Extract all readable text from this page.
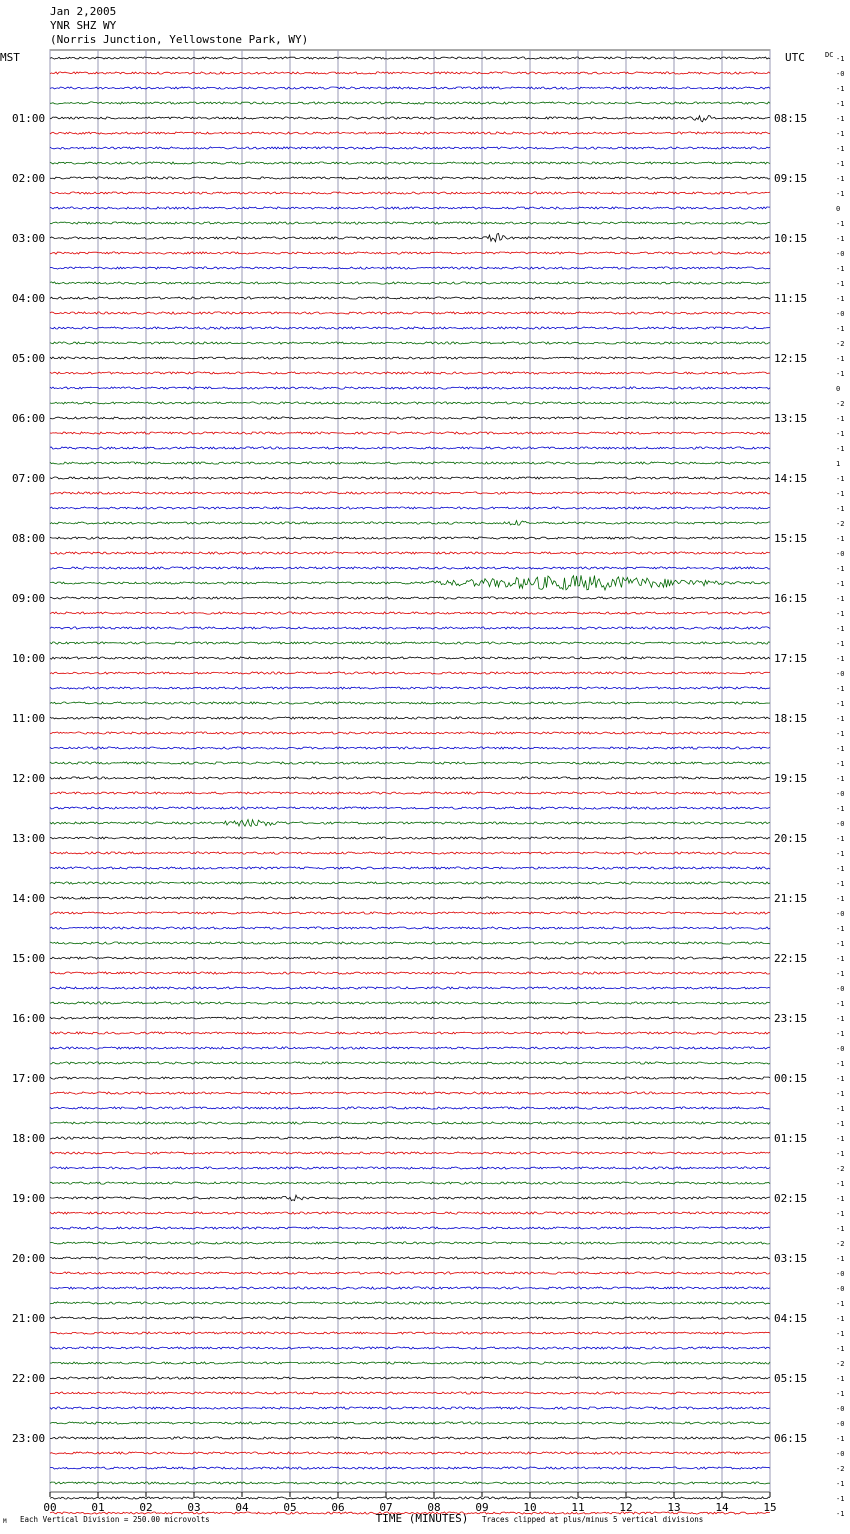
Jan 2,2005
YNR SHZ WY
(Norris Junction, Yellowstone Park, WY)
M
01:00
02:00
03:00
04:00
05:00
06:00
07:00
08:00
09:00
10:00
11:00
12:00
13:00
14:00
15:00
16:00
17:00
18:00
19:00
20:00
21:00
22:00
23:00
08:15
09:15
10:15
11:15
12:15
13:15
14:15
15:15
16:15
17:15
18:15
19:15
20:15
21:15
22:15
23:15
00:15
01:15
02:15
03:15
04:15
05:15
06:15
MST	UTC	DC -1
-0
-1
-1
-1
-1
-1
-1
-1
-1
0
-1
-1
-0
-1
-1
-1
-0
-1
-2
-1
-1
0
-2
-1
-1
-1
1
-1
-1
-1
-2
-1
-0
-1
-1
-1
-1
-1
-1
-1
-0
-1
-1
-1
-1
-1
-1
-1
-0
-1
-0
-1
-1
-1
-1
-1
-0
-1
-1
-1
-1
-0
-1
-1
-1
-0
-1
-1
-1
-1
-1
-1
-1
-2
-1
-1
-1
-1
-2
-1
-0
-0
-1
-1
-1
-1
-2
-1
-1
-0
-0
-1
-0
-2
-1
-1
-1
00	01	02	03	04	05	06	07	08	09	10	11	12	13	14	15
TIME (MINUTES)
Each Vertical Division = 250.00 microvolts	Traces clipped at plus/minus 5 vertical divisions
